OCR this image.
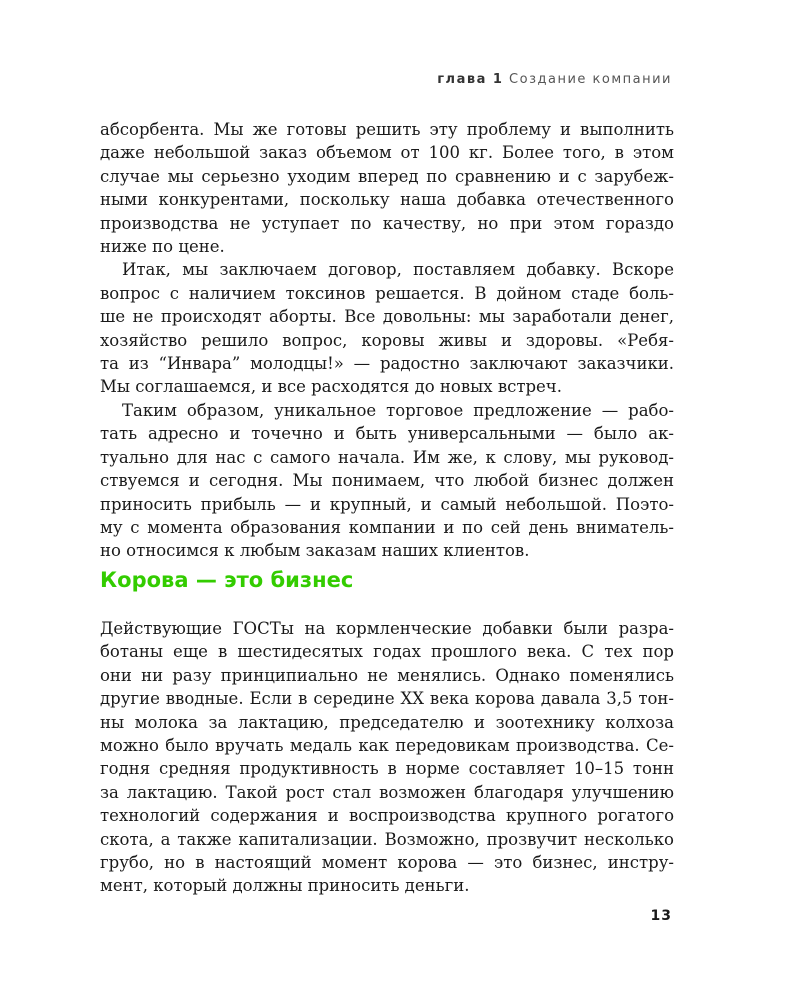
глава 1 Создание компании

абсорбента. Мы же готовы решить эту проблему и выполнить
даже небольшой заказ объемом от 100 кг. Более того, в этом
случае мы серьезно уходим вперед по сравнению и с зарубеж-
ными конкурентами, поскольку наша добавка отечественного
производства не уступает по качеству, но при этом гораздо
ниже по цене.

Итак, мы заключаем договор, поставляем добавку. Вскоре
вопрос с наличием токсинов решается. В дойном стаде боль-
ше не происходят аборты. Все довольны: мы заработали денег,
хозяйство решило вопрос, коровы живы и здоровы. «Ребя-
та из “Инвара” молодцы!» — радостно заключают заказчики.
Мы соглашаемся, и все расходятся до новых встреч.

Таким образом, уникальное торговое предложение — рабо-
тать адресно и точечно и быть универсальными — было ак-
туально для нас с самого начала. Им же, к слову, мы руковод-
ствуемся и сегодня. Мы понимаем, что любой бизнес должен
приносить прибыль — и крупный, и самый небольшой. Поэто-
му с момента образования компании и по сей день вниматель-
но относимся к любым заказам наших клиентов.

Корова — это бизнес

Действующие ГОСТы на кормленческие добавки были разра-
ботаны еще в шестидесятых годах прошлого века. С тех пор
они ни разу принципиально не менялись. Однако поменялись
другие вводные. Если в середине XX века корова давала 3,5 тон-
ны молока за лактацию, председателю и зоотехнику колхоза
можно было вручать медаль как передовикам производства. Се-
годня средняя продуктивность в норме составляет 10–15 тонн
за лактацию. Такой рост стал возможен благодаря улучшению
технологий содержания и воспроизводства крупного рогатого
скота, а также капитализации. Возможно, прозвучит несколько
грубо, но в настоящий момент корова — это бизнес, инстру-
мент, который должны приносить деньги.

13
